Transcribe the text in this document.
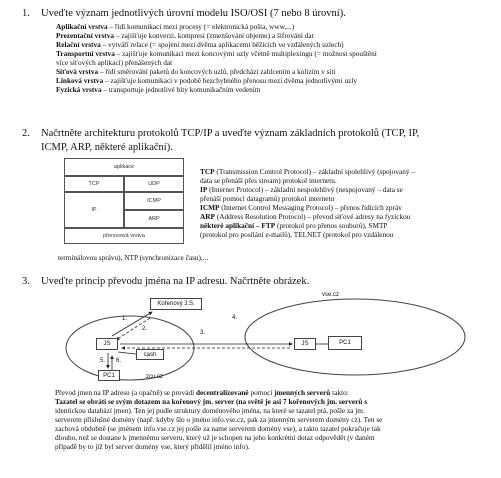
1. Uveďte význam jednotlivých úrovní modelu ISO/OSI (7 nebo 8 úrovní).
Aplikační vrstva – řídí komunikaci mezi procesy (= elektronická pošta, www,...)
Prezentační vrstva – zajišťuje konverzi, kompresi (zmenšování objemu) a šifrování dat
Relační vrstva – vytváří relace (= spojení mezi dvěma aplikacemi běžících ve vzdálených uzlech)
Transportní vrstva – zajišťuje komunikaci mezi koncovými uzly včetně multiplexingu (= možnost spouštění
více síťových aplikací) přenášených dat
Síťová vrstva – řídí směrování paketů do koncových uzlů, předchází zahlcením a kolizím v síti
Linková vrstva – zajišťuje komunikaci v podobě bezchybného přenosu mezi dvěma jednotlivými uzly
Fyzická vrstva – transportuje jednotlivé bity komunikačním vedením
2. Načrtněte architekturu protokolů TCP/IP a uveďte význam základních protokolů (TCP, IP,
ICMP, ARP, některé aplikační).
aplikace
TCP	UDP
IP
ICMP
ARP
přenosová vrstva
TCP (Transmission Control Protocol) – základní spolehlivý (spojovaný –
data se přenáší přes stream) protokol internetu.
IP (Internet Protocol) – základní nespolehlivý (nespojovaný – data se
přenáší pomocí datagramů) protokol internetu
ICMP (Internet Control Messaging Protocol) – přenos řídících zpráv
ARP (Address Resolution Protocol) – převod síťové adresy na fyzickou
některé aplikační – FTP (protokol pro přenos souborů), SMTP
(protokol pro posílání e-mailů), TELNET (protokol pro vzdálenou
terminálovou správu), NTP (synchronizace času),...
3. Uveďte princip převodu jména na IP adresu. Načrtněte obrázek.
Kořenový J.S.
JS
cash
PC1
JS	PC1
vse.cz
zcu.cz
1.
2.
3.
4.
5. 6.
Převod jmen na IP adresu (a opačně) se provádí decentralizovaně pomocí jmenných serverů takto:
Tazatel se obrátí se svým dotazem na kořenový jm. server (na světě je asi 7 kořenových jm. serverů s
identickou databází jmen). Ten jej podle struktury doménového jména, na které se tazatel ptá, pošle za jm.
serverem příslušné domény (např. kdyby šlo o jméno info.vse.cz, pak za jmenným serverem domény cz). Ten se
zachová obdobně (se jménem info.vse.cz jej pošle za name serverem domény vse), a takto tazatel pokračuje tak
dlouho, než se dostane k jmennému serveru, který už je schopen na jeho konkrétní dotaz odpovědět (v daném
případě by to již byl server domény vse, který přidělil jméno info).
